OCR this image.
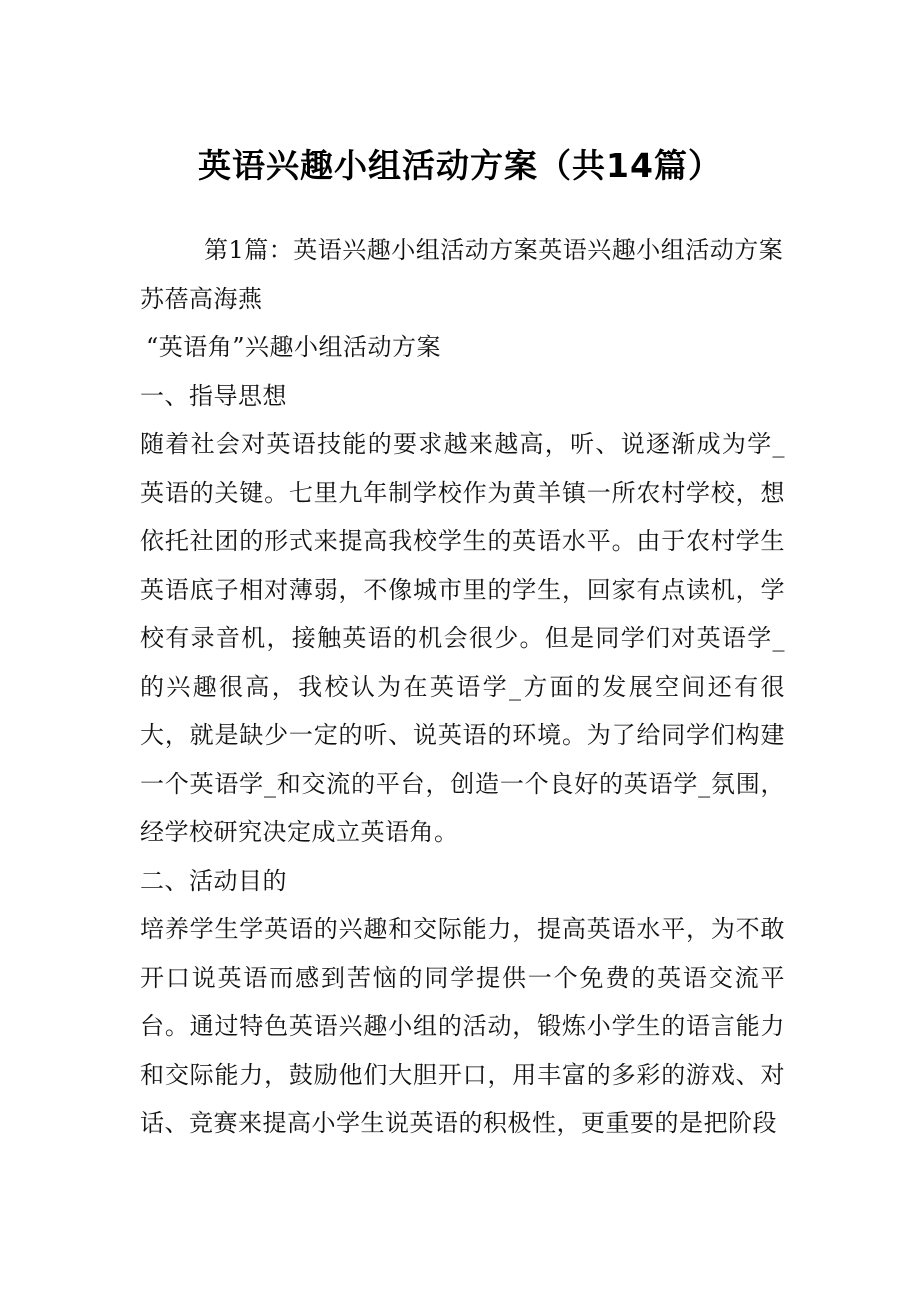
英语兴趣小组活动方案（共14篇）

第1篇：英语兴趣小组活动方案英语兴趣小组活动方案

苏蓓高海燕

“英语角”兴趣小组活动方案

一、指导思想

随着社会对英语技能的要求越来越高，听、说逐渐成为学_英语的关键。七里九年制学校作为黄羊镇一所农村学校，想依托社团的形式来提高我校学生的英语水平。由于农村学生英语底子相对薄弱，不像城市里的学生，回家有点读机，学校有录音机，接触英语的机会很少。但是同学们对英语学_的兴趣很高，我校认为在英语学_方面的发展空间还有很大，就是缺少一定的听、说英语的环境。为了给同学们构建一个英语学_和交流的平台，创造一个良好的英语学_氛围，经学校研究决定成立英语角。

二、活动目的

培养学生学英语的兴趣和交际能力，提高英语水平，为不敢开口说英语而感到苦恼的同学提供一个免费的英语交流平台。通过特色英语兴趣小组的活动，锻炼小学生的语言能力和交际能力，鼓励他们大胆开口，用丰富的多彩的游戏、对话、竞赛来提高小学生说英语的积极性，更重要的是把阶段
